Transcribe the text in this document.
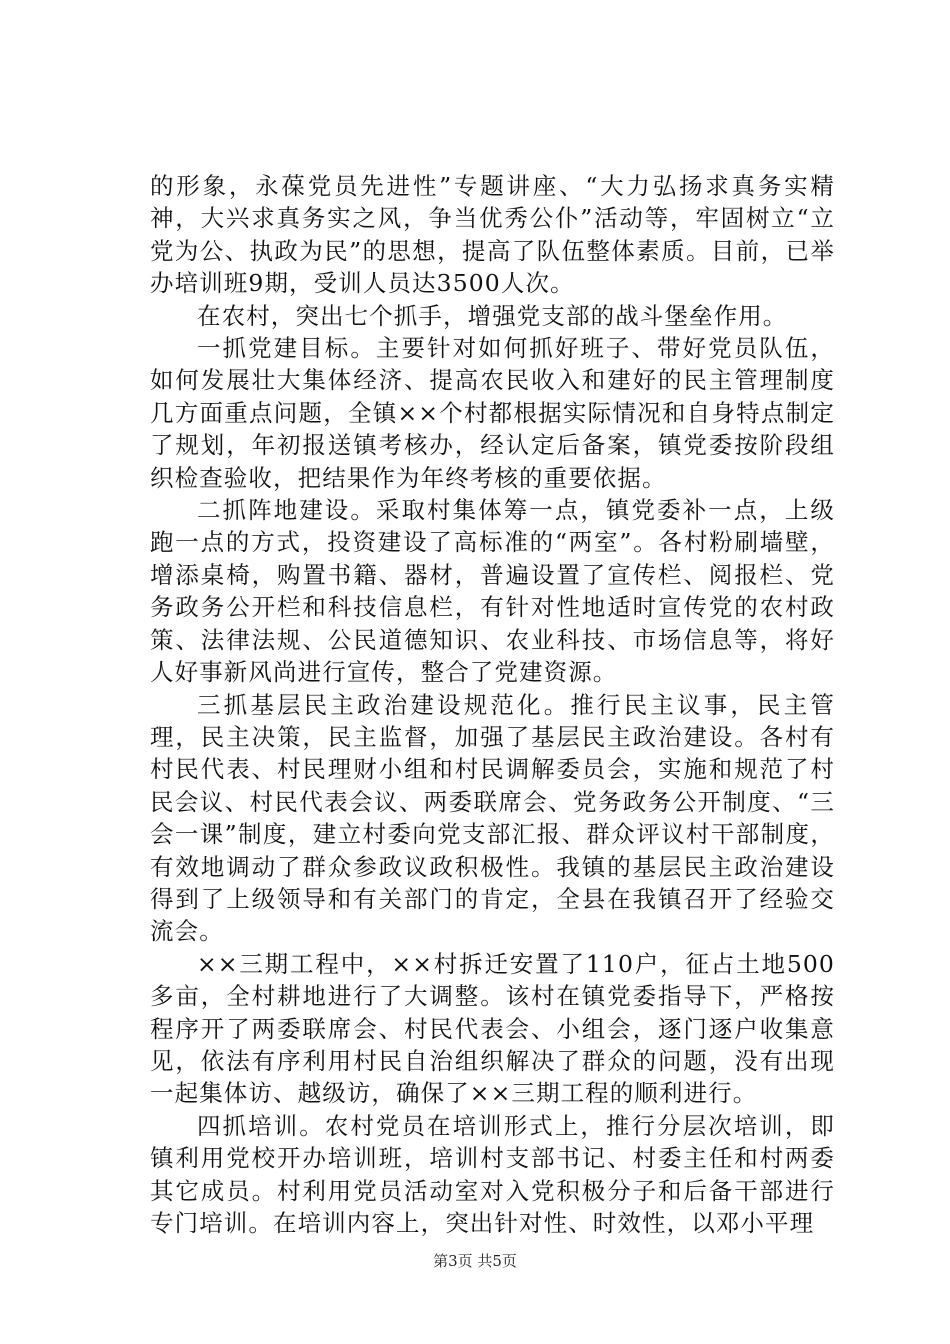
的形象，永葆党员先进性”专题讲座、“大力弘扬求真务实精神，大兴求真务实之风，争当优秀公仆”活动等，牢固树立“立党为公、执政为民”的思想，提高了队伍整体素质。目前，已举办培训班9期，受训人员达3500人次。

在农村，突出七个抓手，增强党支部的战斗堡垒作用。

一抓党建目标。主要针对如何抓好班子、带好党员队伍，如何发展壮大集体经济、提高农民收入和建好的民主管理制度几方面重点问题，全镇××个村都根据实际情况和自身特点制定了规划，年初报送镇考核办，经认定后备案，镇党委按阶段组织检查验收，把结果作为年终考核的重要依据。

二抓阵地建设。采取村集体筹一点，镇党委补一点，上级跑一点的方式，投资建设了高标准的“两室”。各村粉刷墙壁，增添桌椅，购置书籍、器材，普遍设置了宣传栏、阅报栏、党务政务公开栏和科技信息栏，有针对性地适时宣传党的农村政策、法律法规、公民道德知识、农业科技、市场信息等，将好人好事新风尚进行宣传，整合了党建资源。

三抓基层民主政治建设规范化。推行民主议事，民主管理，民主决策，民主监督，加强了基层民主政治建设。各村有村民代表、村民理财小组和村民调解委员会，实施和规范了村民会议、村民代表会议、两委联席会、党务政务公开制度、“三会一课”制度，建立村委向党支部汇报、群众评议村干部制度，有效地调动了群众参政议政积极性。我镇的基层民主政治建设得到了上级领导和有关部门的肯定，全县在我镇召开了经验交流会。

××三期工程中，××村拆迁安置了110户，征占土地500多亩，全村耕地进行了大调整。该村在镇党委指导下，严格按程序开了两委联席会、村民代表会、小组会，逐门逐户收集意见，依法有序利用村民自治组织解决了群众的问题，没有出现一起集体访、越级访，确保了××三期工程的顺利进行。

四抓培训。农村党员在培训形式上，推行分层次培训，即镇利用党校开办培训班，培训村支部书记、村委主任和村两委其它成员。村利用党员活动室对入党积极分子和后备干部进行专门培训。在培训内容上，突出针对性、时效性，以邓小平理

第3页 共5页
